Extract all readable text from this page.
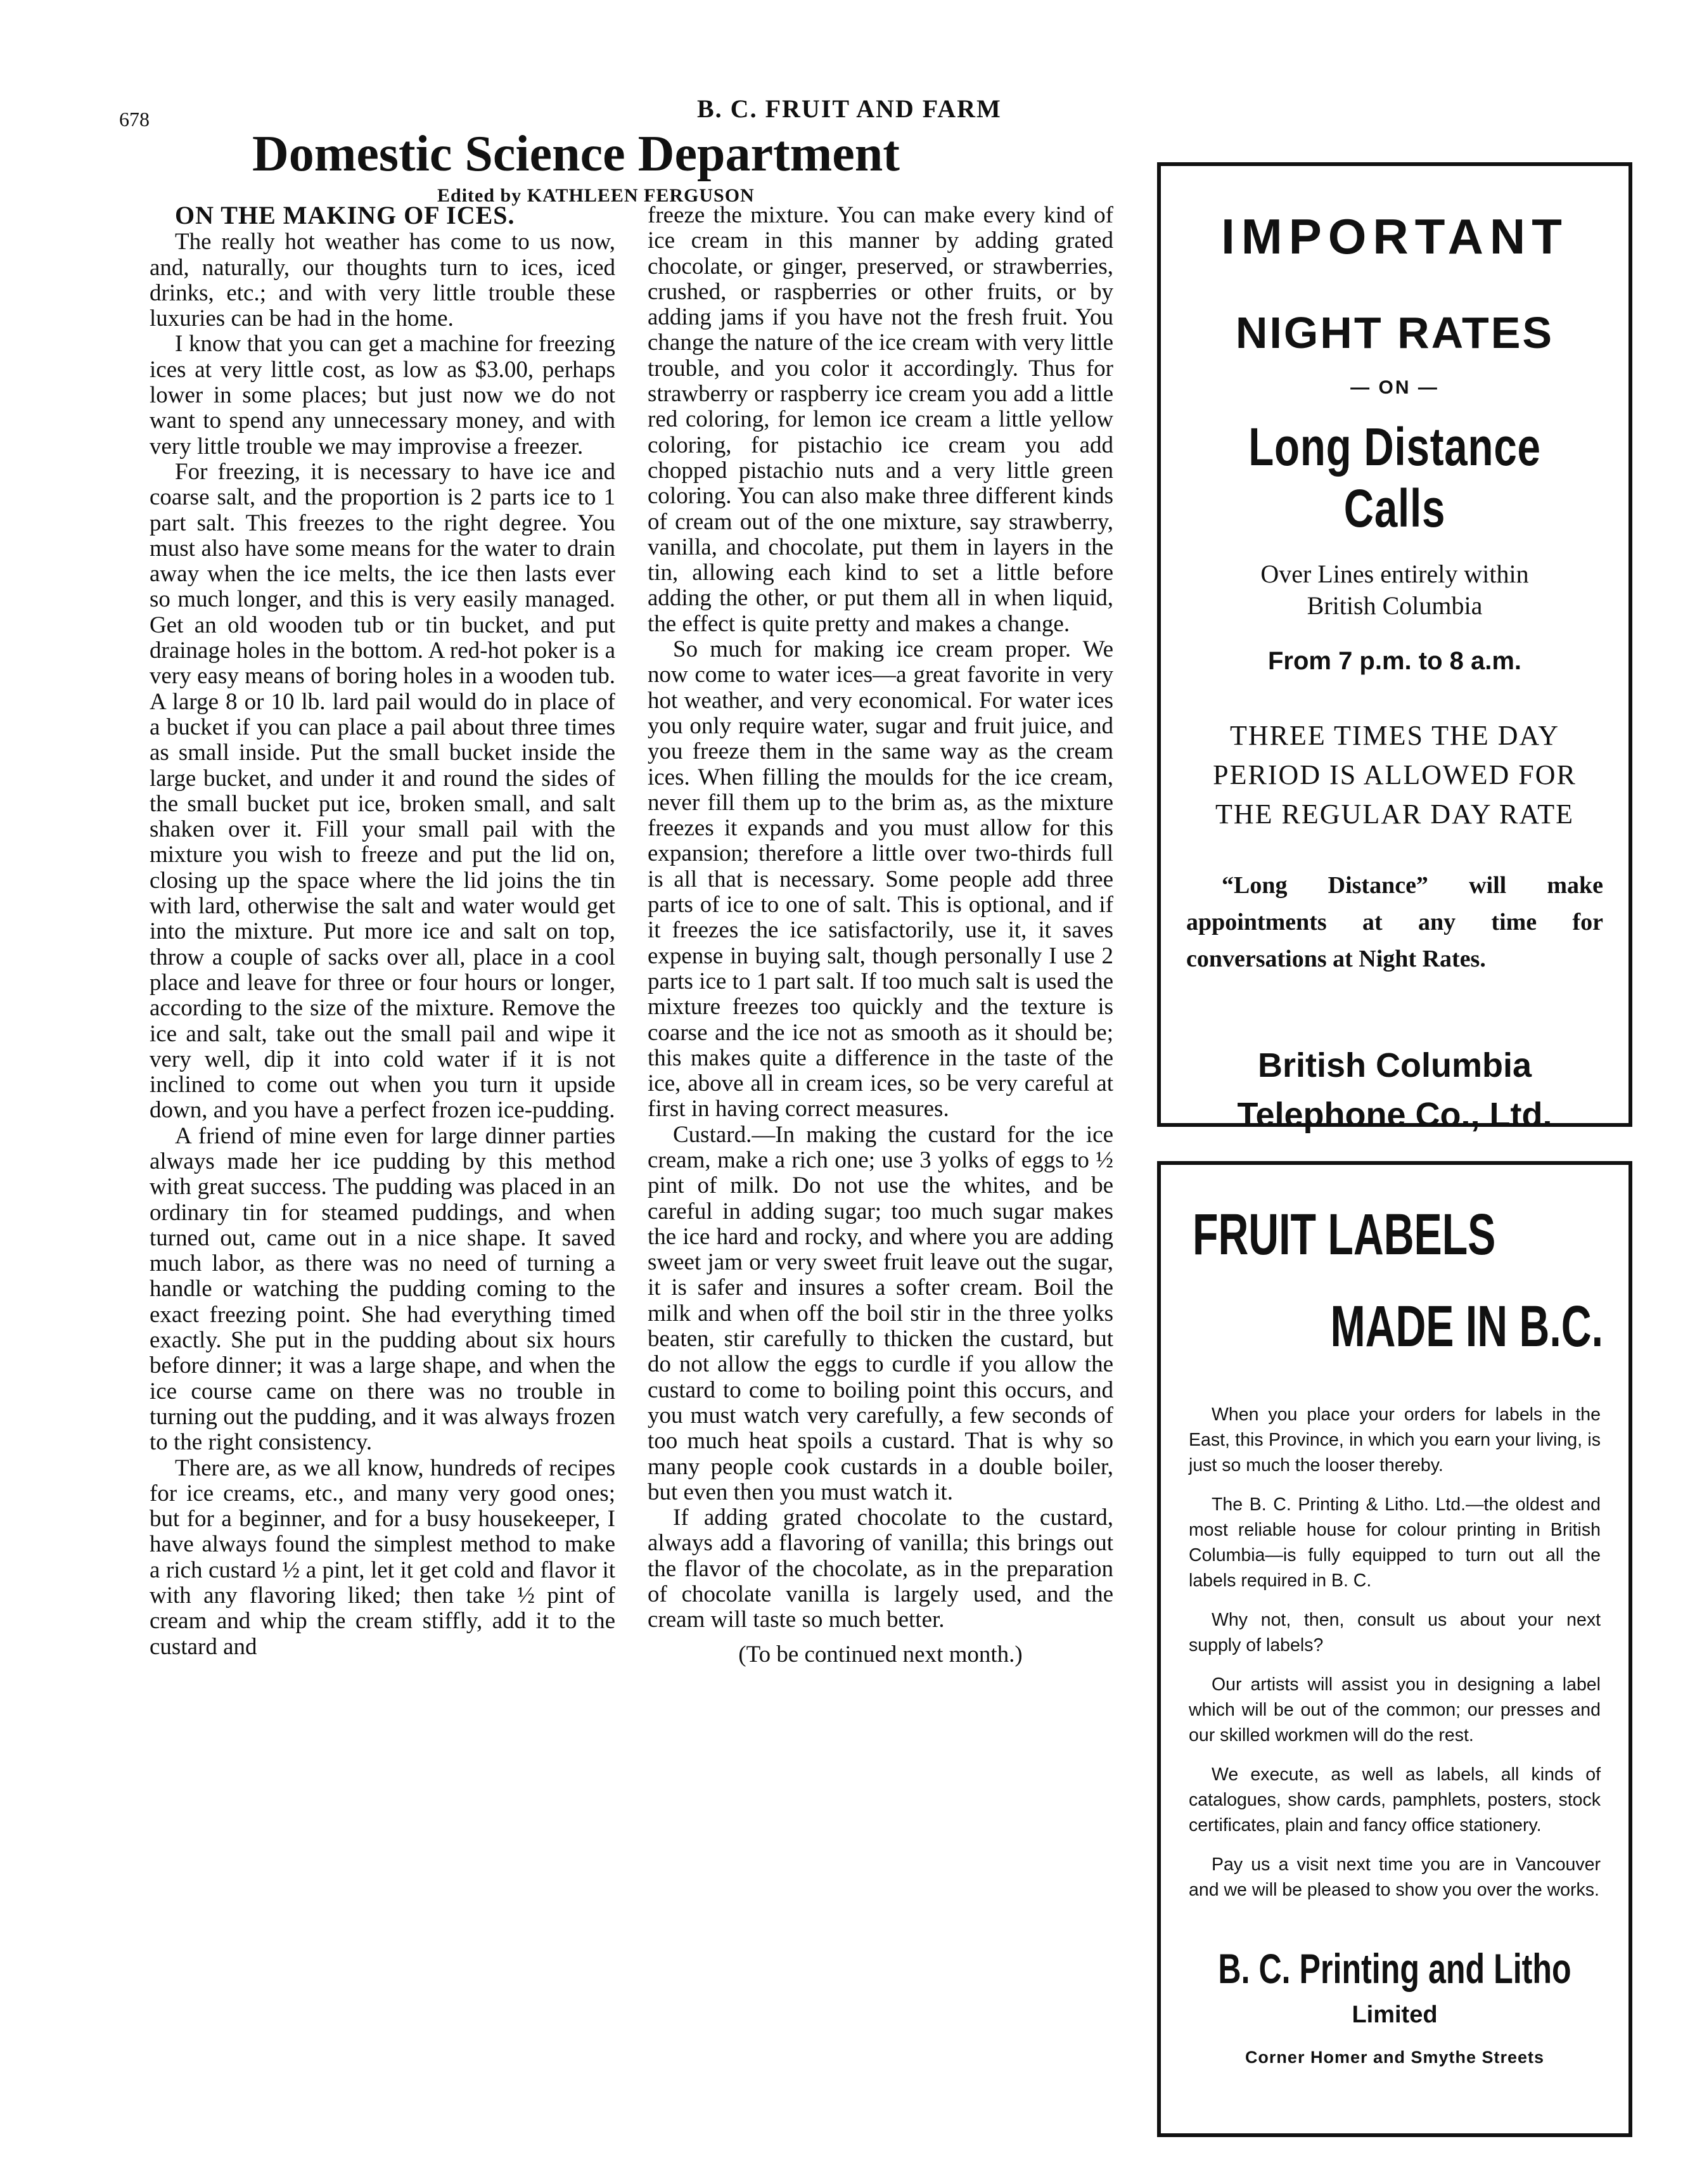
678	B. C. FRUIT AND FARM
Domestic Science Department
Edited by KATHLEEN FERGUSON

ON THE MAKING OF ICES.

The really hot weather has come to us now, and, naturally, our thoughts turn to ices, iced drinks, etc.; and with very little trouble these luxuries can be had in the home.

I know that you can get a machine for freezing ices at very little cost, as low as $3.00, perhaps lower in some places; but just now we do not want to spend any unnecessary money, and with very little trouble we may improvise a freezer.

For freezing, it is necessary to have ice and coarse salt, and the proportion is 2 parts ice to 1 part salt. This freezes to the right degree. You must also have some means for the water to drain away when the ice melts, the ice then lasts ever so much longer, and this is very easily managed. Get an old wooden tub or tin bucket, and put drainage holes in the bottom. A red-hot poker is a very easy means of boring holes in a wooden tub. A large 8 or 10 lb. lard pail would do in place of a bucket if you can place a pail about three times as small inside. Put the small bucket inside the large bucket, and under it and round the sides of the small bucket put ice, broken small, and salt shaken over it. Fill your small pail with the mixture you wish to freeze and put the lid on, closing up the space where the lid joins the tin with lard, otherwise the salt and water would get into the mixture. Put more ice and salt on top, throw a couple of sacks over all, place in a cool place and leave for three or four hours or longer, according to the size of the mixture. Remove the ice and salt, take out the small pail and wipe it very well, dip it into cold water if it is not inclined to come out when you turn it upside down, and you have a perfect frozen ice-pudding.

A friend of mine even for large dinner parties always made her ice pudding by this method with great success. The pudding was placed in an ordinary tin for steamed puddings, and when turned out, came out in a nice shape. It saved much labor, as there was no need of turning a handle or watching the pudding coming to the exact freezing point. She had everything timed exactly. She put in the pudding about six hours before dinner; it was a large shape, and when the ice course came on there was no trouble in turning out the pudding, and it was always frozen to the right consistency.

There are, as we all know, hundreds of recipes for ice creams, etc., and many very good ones; but for a beginner, and for a busy housekeeper, I have always found the simplest method to make a rich custard ½ a pint, let it get cold and flavor it with any flavoring liked; then take ½ pint of cream and whip the cream stiffly, add it to the custard and

freeze the mixture. You can make every kind of ice cream in this manner by adding grated chocolate, or ginger, preserved, or strawberries, crushed, or raspberries or other fruits, or by adding jams if you have not the fresh fruit. You change the nature of the ice cream with very little trouble, and you color it accordingly. Thus for strawberry or raspberry ice cream you add a little red coloring, for lemon ice cream a little yellow coloring, for pistachio ice cream you add chopped pistachio nuts and a very little green coloring. You can also make three different kinds of cream out of the one mixture, say strawberry, vanilla, and chocolate, put them in layers in the tin, allowing each kind to set a little before adding the other, or put them all in when liquid, the effect is quite pretty and makes a change.

So much for making ice cream proper. We now come to water ices—a great favorite in very hot weather, and very economical. For water ices you only require water, sugar and fruit juice, and you freeze them in the same way as the cream ices. When filling the moulds for the ice cream, never fill them up to the brim as, as the mixture freezes it expands and you must allow for this expansion; therefore a little over two-thirds full is all that is necessary. Some people add three parts of ice to one of salt. This is optional, and if it freezes the ice satisfactorily, use it, it saves expense in buying salt, though personally I use 2 parts ice to 1 part salt. If too much salt is used the mixture freezes too quickly and the texture is coarse and the ice not as smooth as it should be; this makes quite a difference in the taste of the ice, above all in cream ices, so be very careful at first in having correct measures.

Custard.—In making the custard for the ice cream, make a rich one; use 3 yolks of eggs to ½ pint of milk. Do not use the whites, and be careful in adding sugar; too much sugar makes the ice hard and rocky, and where you are adding sweet jam or very sweet fruit leave out the sugar, it is safer and insures a softer cream. Boil the milk and when off the boil stir in the three yolks beaten, stir carefully to thicken the custard, but do not allow the eggs to curdle if you allow the custard to come to boiling point this occurs, and you must watch very carefully, a few seconds of too much heat spoils a custard. That is why so many people cook custards in a double boiler, but even then you must watch it.

If adding grated chocolate to the custard, always add a flavoring of vanilla; this brings out the flavor of the chocolate, as in the preparation of chocolate vanilla is largely used, and the cream will taste so much better.

(To be continued next month.)

IMPORTANT
NIGHT RATES
— ON —
Long Distance Calls
Over Lines entirely within
British Columbia
From 7 p.m. to 8 a.m.
THREE TIMES THE DAY
PERIOD IS ALLOWED FOR
THE REGULAR DAY RATE
“Long Distance” will make appointments at any time for conversations at Night Rates.
British Columbia
Telephone Co., Ltd.
FRUIT LABELS
MADE IN B.C.

When you place your orders for labels in the East, this Province, in which you earn your living, is just so much the looser thereby.

The B. C. Printing & Litho. Ltd.—the oldest and most reliable house for colour printing in British Columbia—is fully equipped to turn out all the labels required in B. C.

Why not, then, consult us about your next supply of labels?

Our artists will assist you in designing a label which will be out of the common; our presses and our skilled workmen will do the rest.

We execute, as well as labels, all kinds of catalogues, show cards, pamphlets, posters, stock certificates, plain and fancy office stationery.

Pay us a visit next time you are in Vancouver and we will be pleased to show you over the works.

B. C. Printing and Litho
Limited
Corner Homer and Smythe Streets
